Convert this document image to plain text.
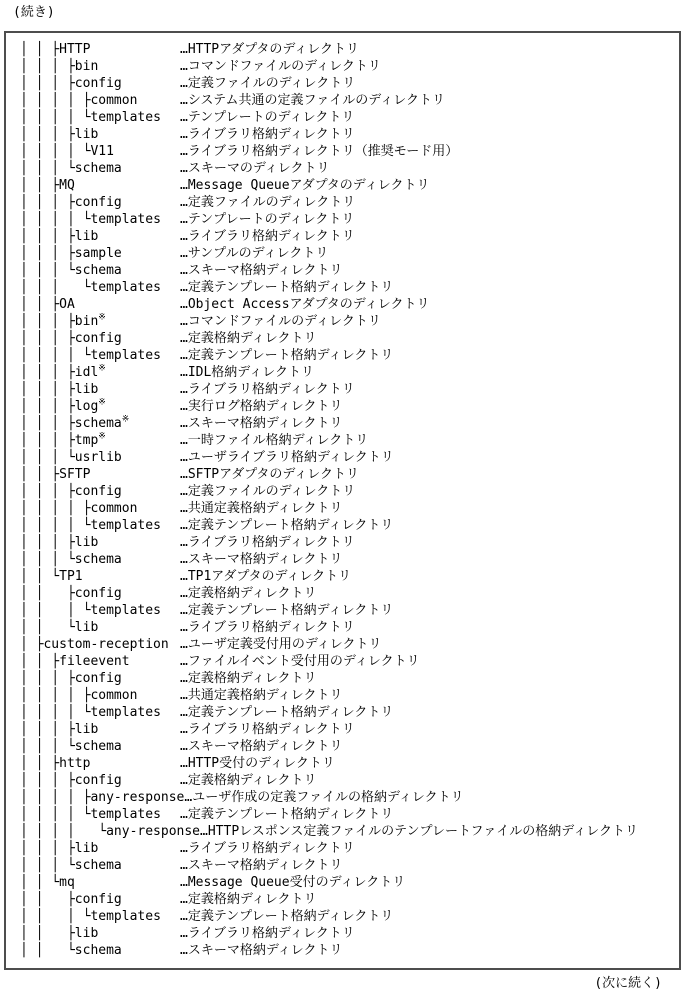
(続き)
│ │ ├HTTP	…HTTPアダプタのディレクトリ
│ │ │ ├bin	…コマンドファイルのディレクトリ
│ │ │ ├config	…定義ファイルのディレクトリ
│ │ │ │ ├common	…システム共通の定義ファイルのディレクトリ
│ │ │ │ └templates …テンプレートのディレクトリ
│ │ │ ├lib	…ライブラリ格納ディレクトリ
│ │ │ │ └V11	…ライブラリ格納ディレクトリ（推奨モード用）
│ │ │ └schema	…スキーマのディレクトリ
│ │ ├MQ	…Message Queueアダプタのディレクトリ
│ │ │ ├config	…定義ファイルのディレクトリ
│ │ │ │ └templates …テンプレートのディレクトリ
│ │ │ ├lib	…ライブラリ格納ディレクトリ
│ │ │ ├sample	…サンプルのディレクトリ
│ │ │ └schema	…スキーマ格納ディレクトリ
│ │ │   └templates …定義テンプレート格納ディレクトリ
│ │ ├OA	…Object Accessアダプタのディレクトリ
│ │ │ ├bin※	…コマンドファイルのディレクトリ
│ │ │ ├config	…定義格納ディレクトリ
│ │ │ │ └templates …定義テンプレート格納ディレクトリ
│ │ │ ├idl※	…IDL格納ディレクトリ
│ │ │ ├lib	…ライブラリ格納ディレクトリ
│ │ │ ├log※	…実行ログ格納ディレクトリ
│ │ │ ├schema※	…スキーマ格納ディレクトリ
│ │ │ ├tmp※	…一時ファイル格納ディレクトリ
│ │ │ └usrlib	…ユーザライブラリ格納ディレクトリ
│ │ ├SFTP	…SFTPアダプタのディレクトリ
│ │ │ ├config	…定義ファイルのディレクトリ
│ │ │ │ ├common	…共通定義格納ディレクトリ
│ │ │ │ └templates …定義テンプレート格納ディレクトリ
│ │ │ ├lib	…ライブラリ格納ディレクトリ
│ │ │ └schema	…スキーマ格納ディレクトリ
│ │ └TP1	…TP1アダプタのディレクトリ
│ │   ├config	…定義格納ディレクトリ
│ │   │ └templates …定義テンプレート格納ディレクトリ
│ │   └lib	…ライブラリ格納ディレクトリ
│ ├custom-reception …ユーザ定義受付用のディレクトリ
│ │ ├fileevent	…ファイルイベント受付用のディレクトリ
│ │ │ ├config	…定義格納ディレクトリ
│ │ │ │ ├common	…共通定義格納ディレクトリ
│ │ │ │ └templates …定義テンプレート格納ディレクトリ
│ │ │ ├lib	…ライブラリ格納ディレクトリ
│ │ │ └schema	…スキーマ格納ディレクトリ
│ │ ├http	…HTTP受付のディレクトリ
│ │ │ ├config	…定義格納ディレクトリ
│ │ │ │ ├any-response…ユーザ作成の定義ファイルの格納ディレクトリ
│ │ │ │ └templates …定義テンプレート格納ディレクトリ
│ │ │ │   └any-response…HTTPレスポンス定義ファイルのテンプレートファイルの格納ディレクトリ
│ │ │ ├lib	…ライブラリ格納ディレクトリ
│ │ │ └schema	…スキーマ格納ディレクトリ
│ │ └mq	…Message Queue受付のディレクトリ
│ │   ├config	…定義格納ディレクトリ
│ │   │ └templates …定義テンプレート格納ディレクトリ
│ │   ├lib	…ライブラリ格納ディレクトリ
│ │   └schema	…スキーマ格納ディレクトリ
(次に続く)
